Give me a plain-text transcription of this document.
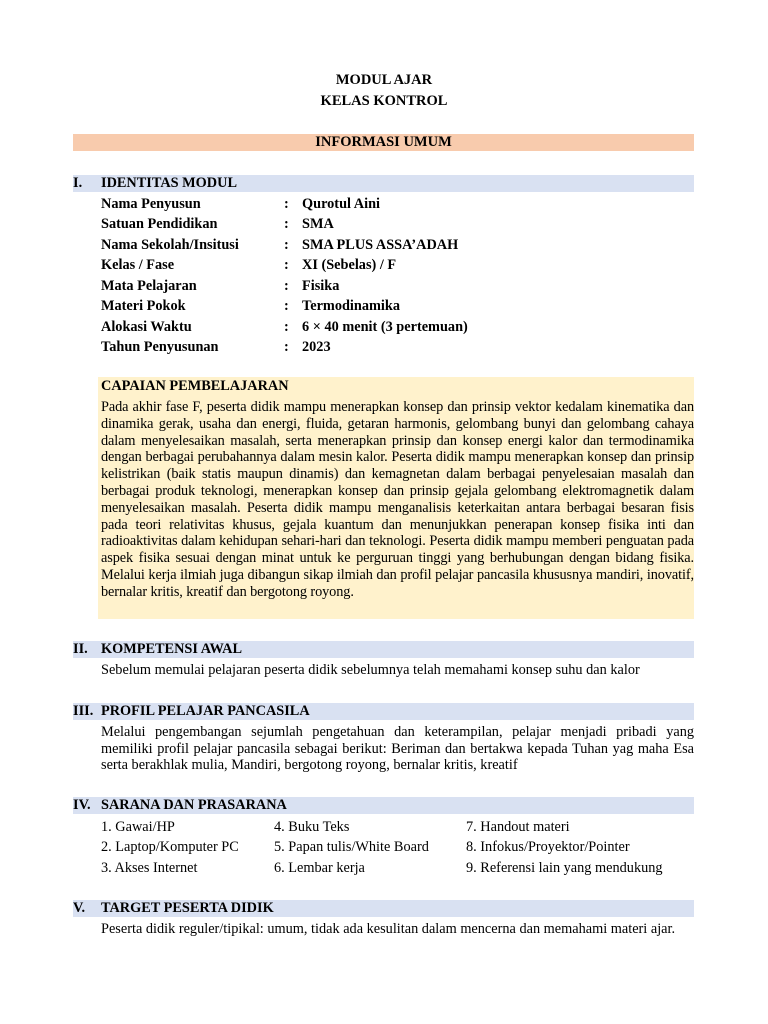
MODUL AJAR
KELAS KONTROL
INFORMASI UMUM
I. IDENTITAS MODUL
Nama Penyusun	: Qurotul Aini
Satuan Pendidikan	: SMA
Nama Sekolah/Insitusi	: SMA PLUS ASSA’ADAH
Kelas / Fase	: XI (Sebelas) / F
Mata Pelajaran	: Fisika
Materi Pokok	: Termodinamika
Alokasi Waktu	: 6 × 40 menit (3 pertemuan)
Tahun Penyusunan	: 2023
CAPAIAN PEMBELAJARAN
Pada akhir fase F, peserta didik mampu menerapkan konsep dan prinsip vektor kedalam kinematika dan dinamika gerak, usaha dan energi, fluida, getaran harmonis, gelombang bunyi dan gelombang cahaya dalam menyelesaikan masalah, serta menerapkan prinsip dan konsep energi kalor dan termodinamika dengan berbagai perubahannya dalam mesin kalor. Peserta didik mampu menerapkan konsep dan prinsip kelistrikan (baik statis maupun dinamis) dan kemagnetan dalam berbagai penyelesaian masalah dan berbagai produk teknologi, menerapkan konsep dan prinsip gejala gelombang elektromagnetik dalam menyelesaikan masalah. Peserta didik mampu menganalisis keterkaitan antara berbagai besaran fisis pada teori relativitas khusus, gejala kuantum dan menunjukkan penerapan konsep fisika inti dan radioaktivitas dalam kehidupan sehari-hari dan teknologi. Peserta didik mampu memberi penguatan pada aspek fisika sesuai dengan minat untuk ke perguruan tinggi yang berhubungan dengan bidang fisika. Melalui kerja ilmiah juga dibangun sikap ilmiah dan profil pelajar pancasila khususnya mandiri, inovatif, bernalar kritis, kreatif dan bergotong royong.
II. KOMPETENSI AWAL
Sebelum memulai pelajaran peserta didik sebelumnya telah memahami konsep suhu dan kalor
III. PROFIL PELAJAR PANCASILA
Melalui pengembangan sejumlah pengetahuan dan keterampilan, pelajar menjadi pribadi yang memiliki profil pelajar pancasila sebagai berikut: Beriman dan bertakwa kepada Tuhan yag maha Esa serta berakhlak mulia, Mandiri, bergotong royong, bernalar kritis, kreatif
IV. SARANA DAN PRASARANA
1. Gawai/HP
2. Laptop/Komputer PC
3. Akses Internet
4. Buku Teks
5. Papan tulis/White Board
6. Lembar kerja
7. Handout materi
8. Infokus/Proyektor/Pointer
9. Referensi lain yang mendukung
V. TARGET PESERTA DIDIK
Peserta didik reguler/tipikal: umum, tidak ada kesulitan dalam mencerna dan memahami materi ajar.
